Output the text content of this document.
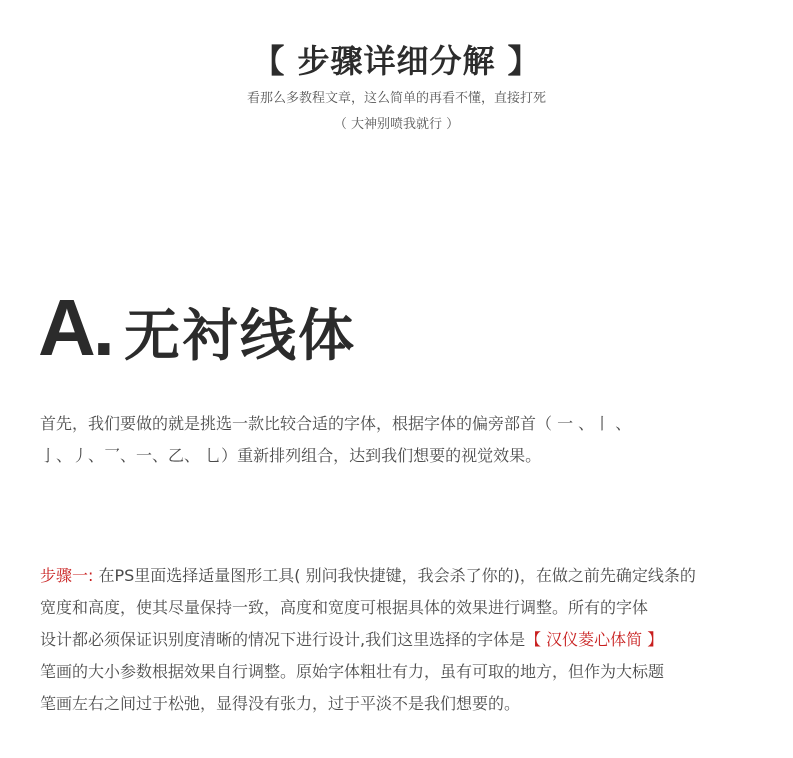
【 步骤详细分解 】
看那么多教程文章，这么简单的再看不懂，直接打死
（ 大神别喷我就行 ）
A. 无衬线体
首先，我们要做的就是挑选一款比较合适的字体，根据字体的偏旁部首（ 一 、丨 、
亅、丿、乛、一、乙、 乚）重新排列组合，达到我们想要的视觉效果。
步骤一: 在PS里面选择适量图形工具( 别问我快捷键，我会杀了你的)，在做之前先确定线条的
宽度和高度，使其尽量保持一致，高度和宽度可根据具体的效果进行调整。所有的字体
设计都必须保证识别度清晰的情况下进行设计,我们这里选择的字体是【 汉仪菱心体简 】
笔画的大小参数根据效果自行调整。原始字体粗壮有力，虽有可取的地方，但作为大标题
笔画左右之间过于松弛，显得没有张力，过于平淡不是我们想要的。
